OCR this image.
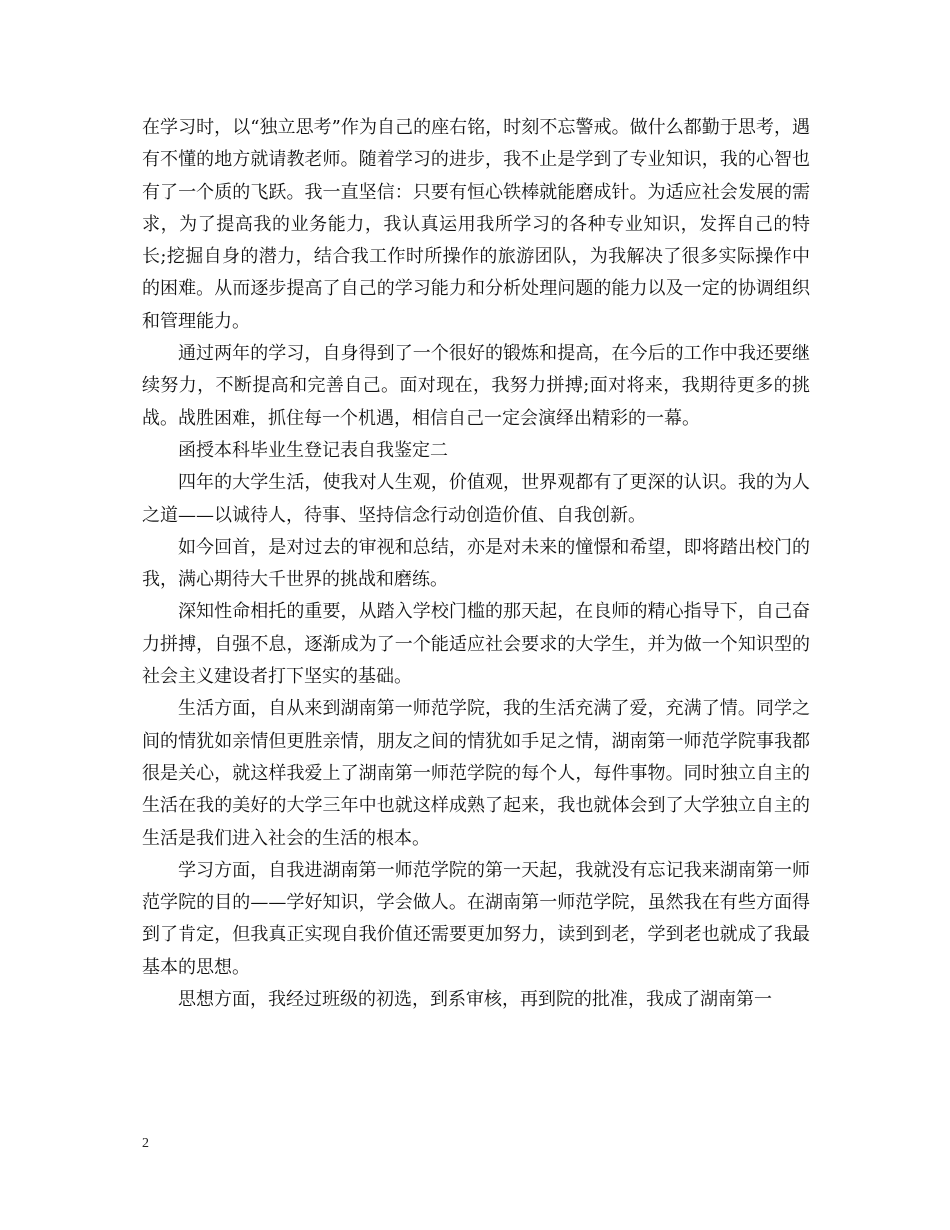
在学习时，以“独立思考”作为自己的座右铭，时刻不忘警戒。做什么都勤于思考，遇有不懂的地方就请教老师。随着学习的进步，我不止是学到了专业知识，我的心智也有了一个质的飞跃。我一直坚信：只要有恒心铁棒就能磨成针。为适应社会发展的需求，为了提高我的业务能力，我认真运用我所学习的各种专业知识，发挥自己的特长;挖掘自身的潜力，结合我工作时所操作的旅游团队，为我解决了很多实际操作中的困难。从而逐步提高了自己的学习能力和分析处理问题的能力以及一定的协调组织和管理能力。

通过两年的学习，自身得到了一个很好的锻炼和提高，在今后的工作中我还要继续努力，不断提高和完善自己。面对现在，我努力拼搏;面对将来，我期待更多的挑战。战胜困难，抓住每一个机遇，相信自己一定会演绎出精彩的一幕。

函授本科毕业生登记表自我鉴定二

四年的大学生活，使我对人生观，价值观，世界观都有了更深的认识。我的为人之道——以诚待人，待事、坚持信念行动创造价值、自我创新。

如今回首，是对过去的审视和总结，亦是对未来的憧憬和希望，即将踏出校门的我，满心期待大千世界的挑战和磨练。

深知性命相托的重要，从踏入学校门槛的那天起，在良师的精心指导下，自己奋力拼搏，自强不息，逐渐成为了一个能适应社会要求的大学生，并为做一个知识型的社会主义建设者打下坚实的基础。

生活方面，自从来到湖南第一师范学院，我的生活充满了爱，充满了情。同学之间的情犹如亲情但更胜亲情，朋友之间的情犹如手足之情，湖南第一师范学院事我都很是关心，就这样我爱上了湖南第一师范学院的每个人，每件事物。同时独立自主的生活在我的美好的大学三年中也就这样成熟了起来，我也就体会到了大学独立自主的生活是我们进入社会的生活的根本。

学习方面，自我进湖南第一师范学院的第一天起，我就没有忘记我来湖南第一师范学院的目的——学好知识，学会做人。在湖南第一师范学院，虽然我在有些方面得到了肯定，但我真正实现自我价值还需要更加努力，读到到老，学到老也就成了我最基本的思想。

思想方面，我经过班级的初选，到系审核，再到院的批准，我成了湖南第一

2
